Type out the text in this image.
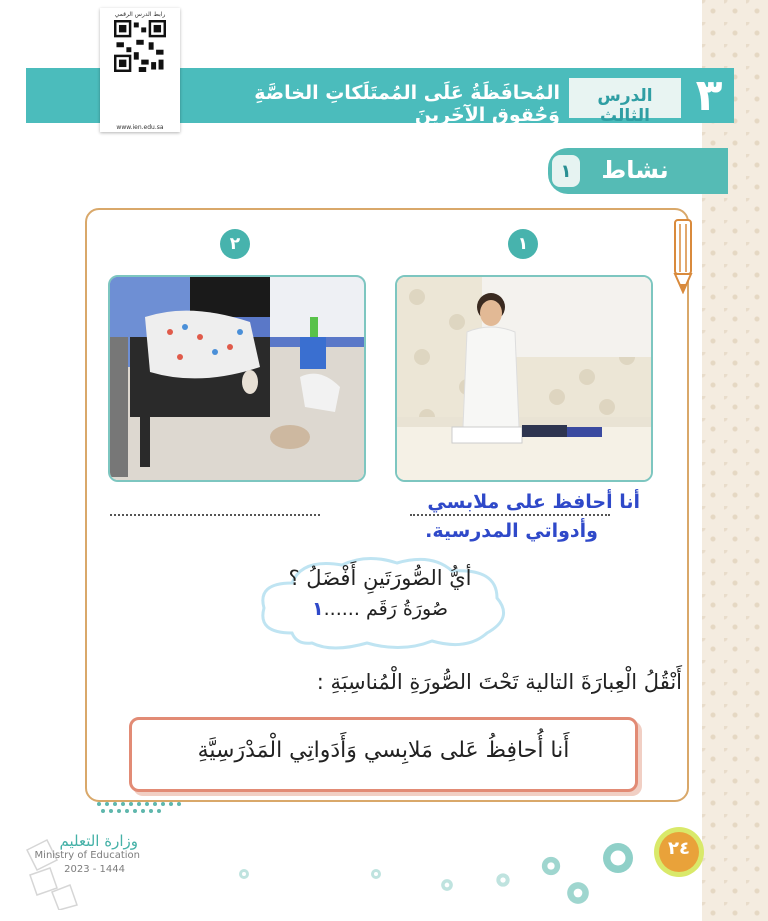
الدرس الثالث	٣
المُحافَظَةُ عَلَى المُمتَلَكاتِ الخاصَّةِ وَحُقوقِ الآخَرينَ
رابط الدرس الرقمي
www.ien.edu.sa
نشاط
١
١
٢
أنا أحافظ على ملابسي
وأدواتي المدرسية.
أيُّ الصُّورَتَينِ أَفْضَلُ ؟
صُورَةُ رَقَم ......١
أَنْقُلُ الْعِبارَةَ التالية تَحْتَ الصُّورَةِ الْمُناسِبَةِ :
أَنا أُحافِظُ عَلى مَلابِسي وَأَدَواتِي الْمَدْرَسِيَّةِ
وزارة التعليم
Ministry of Education
2023 - 1444
٢٤
